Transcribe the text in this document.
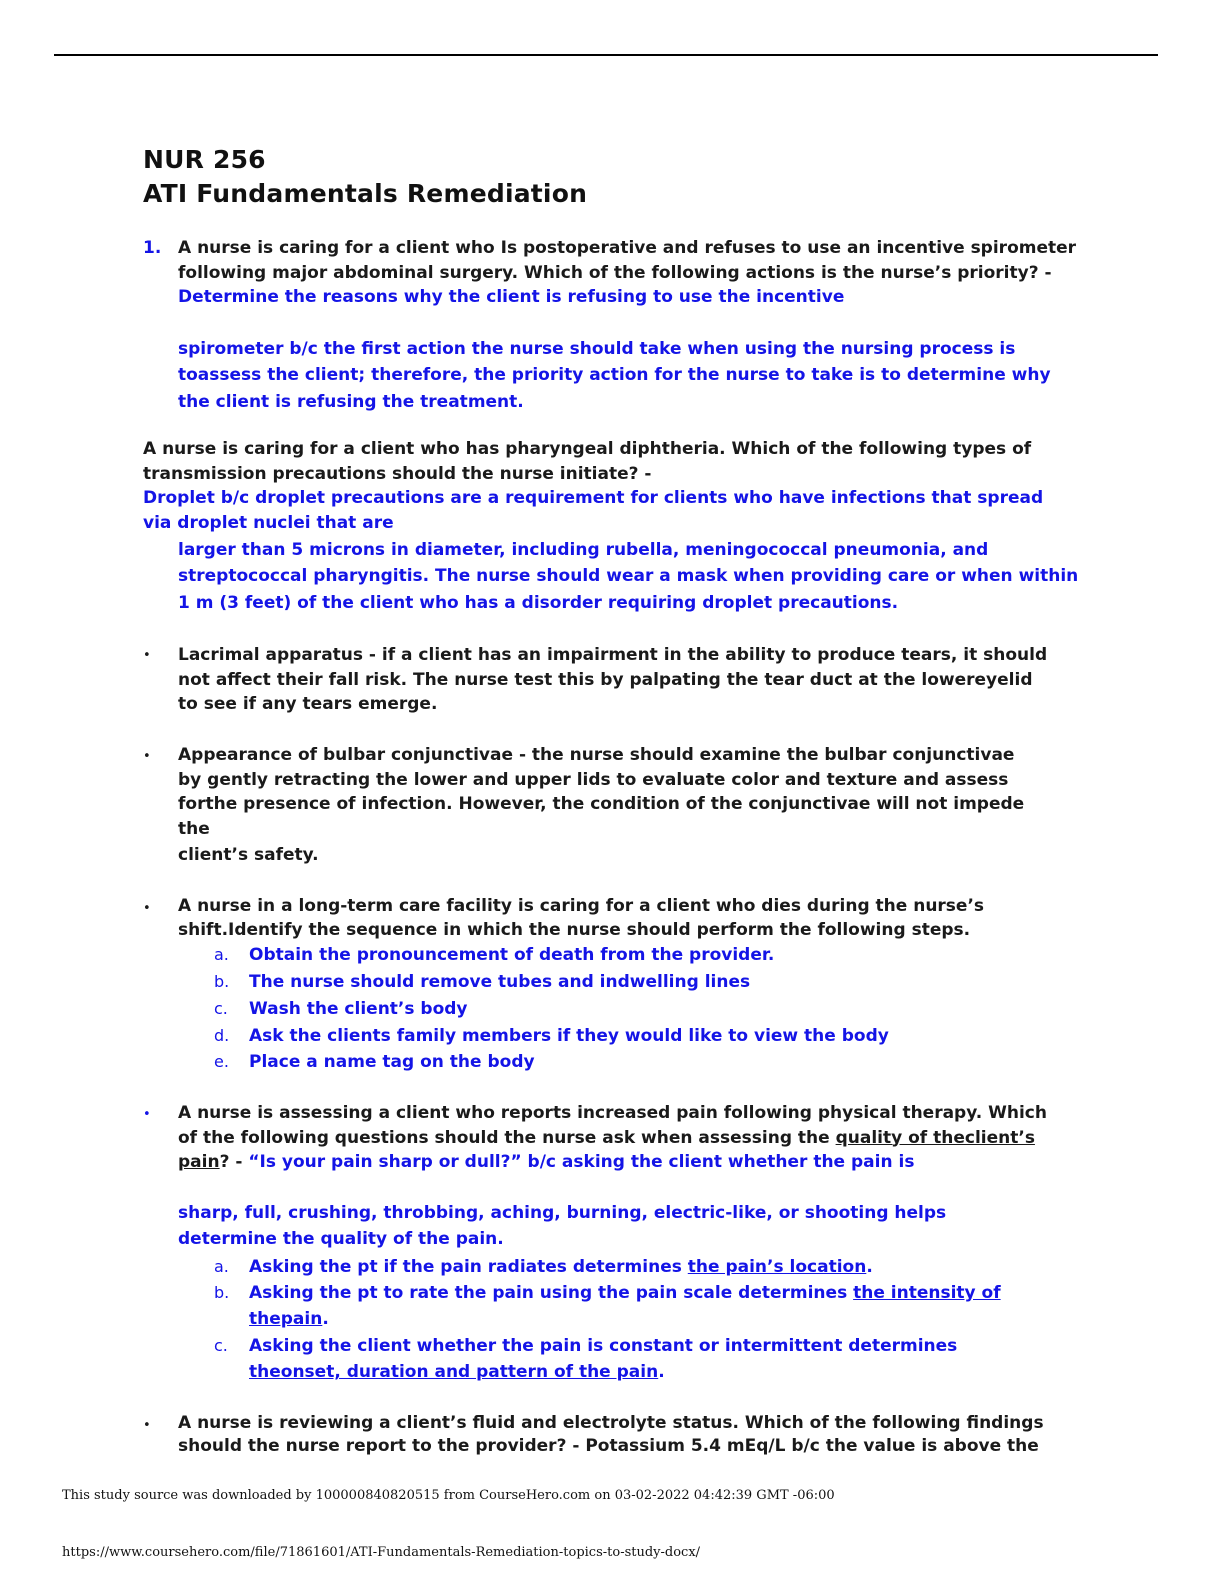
NUR 256
ATI Fundamentals Remediation
1. A nurse is caring for a client who Is postoperative and refuses to use an incentive spirometer following major abdominal surgery. Which of the following actions is the nurse’s priority? - Determine the reasons why the client is refusing to use the incentive

spirometer b/c the first action the nurse should take when using the nursing process is toassess the client; therefore, the priority action for the nurse to take is to determine why the client is refusing the treatment.

A nurse is caring for a client who has pharyngeal diphtheria. Which of the following types of transmission precautions should the nurse initiate? -

Droplet b/c droplet precautions are a requirement for clients who have infections that spread via droplet nuclei that are

larger than 5 microns in diameter, including rubella, meningococcal pneumonia, and streptococcal pharyngitis. The nurse should wear a mask when providing care or when within 1 m (3 feet) of the client who has a disorder requiring droplet precautions.

• Lacrimal apparatus - if a client has an impairment in the ability to produce tears, it should not affect their fall risk. The nurse test this by palpating the tear duct at the lowereyelid to see if any tears emerge.

• Appearance of bulbar conjunctivae - the nurse should examine the bulbar conjunctivae by gently retracting the lower and upper lids to evaluate color and texture and assess forthe presence of infection. However, the condition of the conjunctivae will not impede the

client’s safety.

• A nurse in a long-term care facility is caring for a client who dies during the nurse’s shift.Identify the sequence in which the nurse should perform the following steps.

a. Obtain the pronouncement of death from the provider.
b. The nurse should remove tubes and indwelling lines
c. Wash the client’s body
d. Ask the clients family members if they would like to view the body
e. Place a name tag on the body
• A nurse is assessing a client who reports increased pain following physical therapy. Which of the following questions should the nurse ask when assessing the quality of theclient’s pain? - “Is your pain sharp or dull?” b/c asking the client whether the pain is

sharp, full, crushing, throbbing, aching, burning, electric-like, or shooting helps determine the quality of the pain.

a. Asking the pt if the pain radiates determines the pain’s location.

b. Asking the pt to rate the pain using the pain scale determines the intensity of thepain.

c. Asking the client whether the pain is constant or intermittent determines theonset, duration and pattern of the pain.

• A nurse is reviewing a client’s fluid and electrolyte status. Which of the following findings should the nurse report to the provider? - Potassium 5.4 mEq/L b/c the value is above the

This study source was downloaded by 100000840820515 from CourseHero.com on 03-02-2022 04:42:39 GMT -06:00
https://www.coursehero.com/file/71861601/ATI-Fundamentals-Remediation-topics-to-study-docx/
